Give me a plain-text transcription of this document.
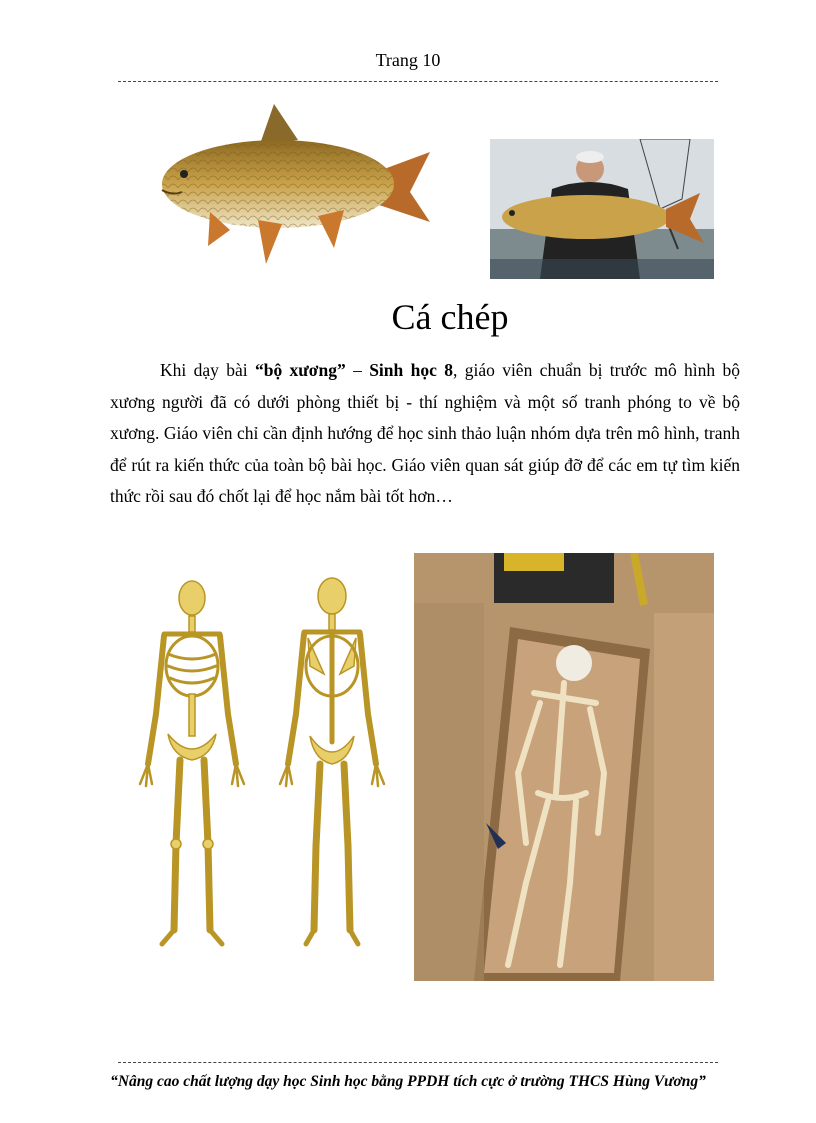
Trang 10
Cá chép

Khi dạy bài “bộ xương” – Sinh học 8, giáo viên chuẩn bị trước mô hình bộ xương người đã có dưới phòng thiết bị - thí nghiệm và một số tranh phóng to về bộ xương. Giáo viên chỉ cần định hướng để học sinh thảo luận nhóm dựa trên mô hình, tranh để rút ra kiến thức của toàn bộ bài học. Giáo viên quan sát giúp đỡ để các em tự tìm kiến thức rồi sau đó chốt lại để học nắm bài tốt hơn…

“Nâng cao chất lượng dạy học Sinh học bằng PPDH tích cực ở trường THCS Hùng Vương”
